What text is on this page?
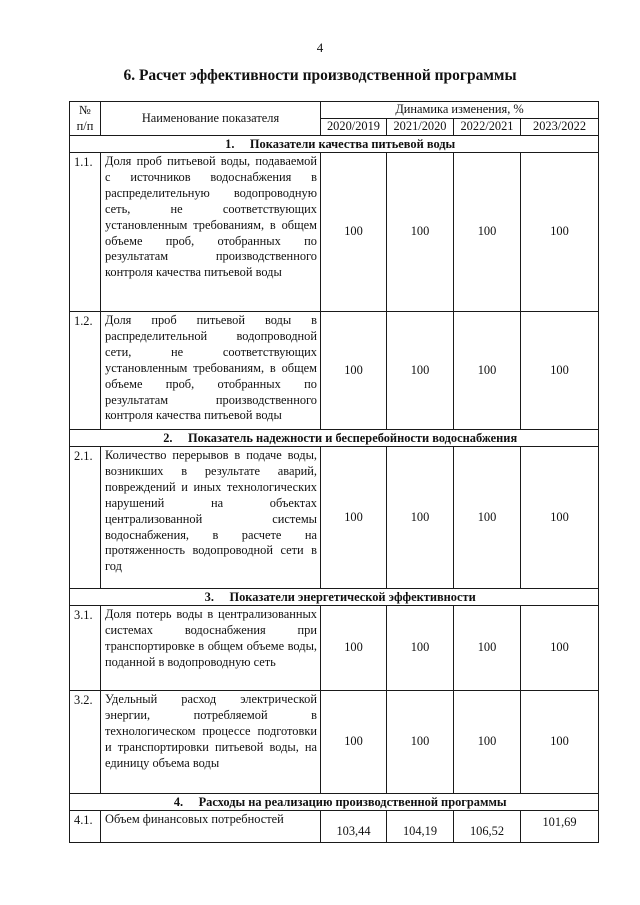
4
6. Расчет эффективности производственной программы
№
п/п	Наименование показателя	Динамика изменения, %			
		2020/2019	2021/2020	2022/2021	2023/2022
1. Показатели качества питьевой воды					
1.1.	Доля проб питьевой воды, подаваемой с источников водоснабжения в распределительную водопроводную сеть, не соответствующих установленным требованиям, в общем объеме проб, отобранных по результатам производственного контроля качества питьевой воды	100	100	100	100
1.2.	Доля проб питьевой воды в распределительной водопроводной сети, не соответствующих установленным требованиям, в общем объеме проб, отобранных по результатам производственного контроля качества питьевой воды	100	100	100	100
2. Показатель надежности и бесперебойности водоснабжения					
2.1.	Количество перерывов в подаче воды, возникших в результате аварий, повреждений и иных технологических нарушений на объектах централизованной системы водоснабжения, в расчете на протяженность водопроводной сети в год	100	100	100	100
3. Показатели энергетической эффективности					
3.1.	Доля потерь воды в централизованных системах водоснабжения при транспортировке в общем объеме воды, поданной в водопроводную сеть	100	100	100	100
3.2.	Удельный расход электрической энергии, потребляемой в технологическом процессе подготовки и транспортировки питьевой воды, на единицу объема воды	100	100	100	100
4. Расходы на реализацию производственной программы					
4.1.	Объем финансовых потребностей	103,44	104,19	106,52	101,69
